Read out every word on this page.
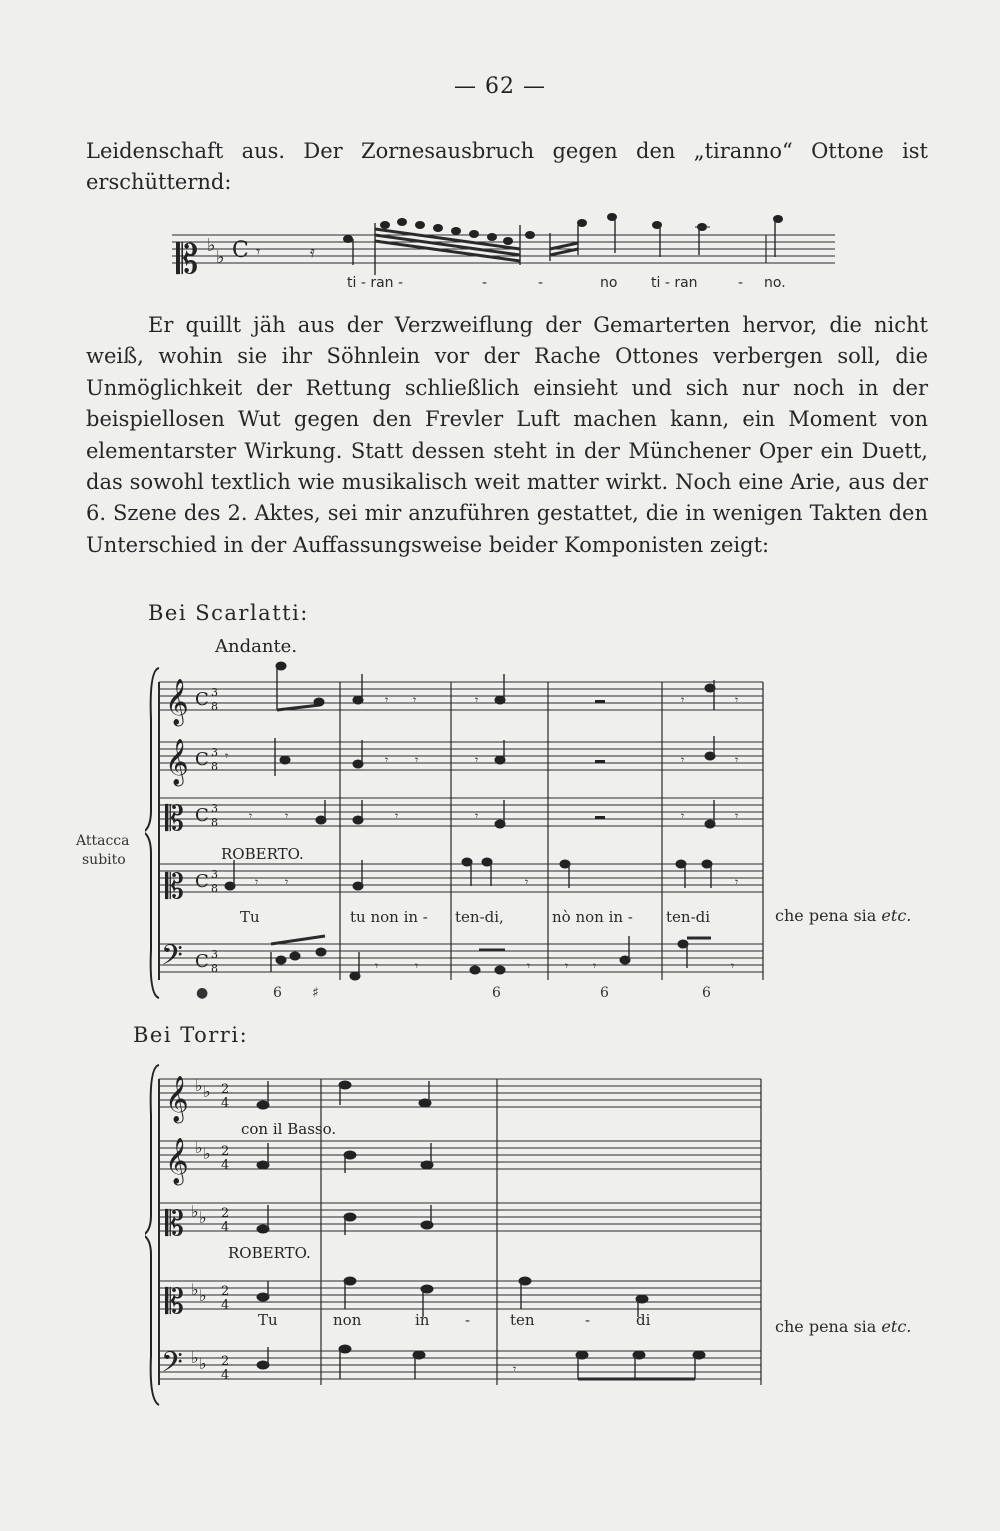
— 62 —
Leidenschaft aus. Der Zornesausbruch gegen den „tiranno“ Ottone ist erschütternd:
𝄡 ♭
♭ C 𝄾	𝄿
ti - ran -	-	-	no ti - ran	- no.
Er quillt jäh aus der Verzweiflung der Gemarterten hervor, die nicht weiß, wohin sie ihr Söhnlein vor der Rache Ottones verbergen soll, die Unmöglichkeit der Rettung schließlich einsieht und sich nur noch in der beispiellosen Wut gegen den Frevler Luft machen kann, ein Moment von elementarster Wirkung. Statt dessen steht in der Münchener Oper ein Duett, das sowohl textlich wie musikalisch weit matter wirkt. Noch eine Arie, aus der 6. Szene des 2. Aktes, sei mir anzuführen gestattet, die in wenigen Takten den Unterschied in der Auffassungsweise beider Komponisten zeigt:
Bei Scarlatti:
Andante.
Attacca
subito	ROBERTO.
𝄞
𝄞
𝄡
𝄡
𝄢
C 3
8
C 3
8
C 3
8
C 3
8
C 3
8
𝄾
𝄾 𝄾	𝄾	𝄾	𝄾
𝄾 𝄾	𝄾	𝄾	𝄾
𝄾	𝄾	𝄾	𝄾	𝄾	𝄾
𝄾 𝄾
𝄾	𝄾	𝄾	𝄾 𝄾	𝄾
𝄾	𝄾
Tu	tu non in - ten-di,	nò non in - ten-di	che pena sia etc.
●	6 ♯	6	6	6
Bei Torri:
con il Basso.
ROBERTO.
𝄞
𝄞
𝄡
𝄡
𝄢
♭ ♭
♭ ♭
♭ ♭
♭ ♭
♭ ♭
2
4
2
4
2
4
2
4
2
4	𝄾
Tu	non	in -	ten	-	di	che pena sia etc.
